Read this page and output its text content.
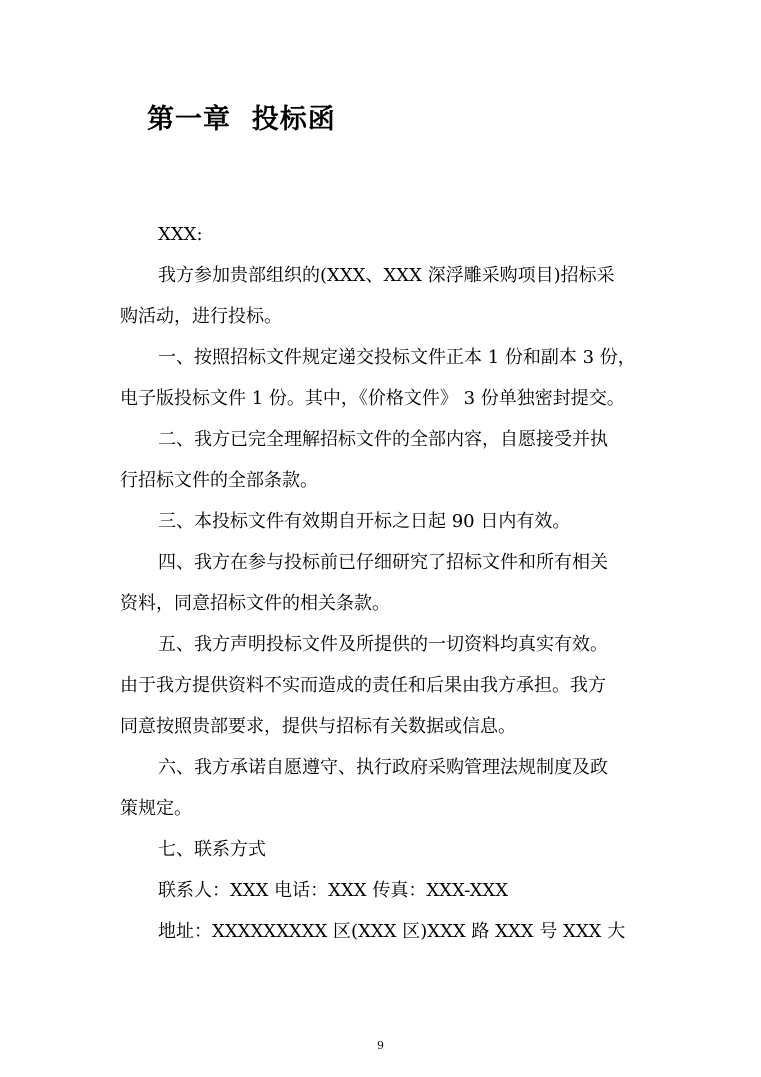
第一章  投标函
XXX:
我方参加贵部组织的(XXX、XXX 深浮雕采购项目)招标采
购活动，进行投标。
一、按照招标文件规定递交投标文件正本 1 份和副本 3 份，
电子版投标文件 1 份。其中，《价格文件》 3 份单独密封提交。
二、我方已完全理解招标文件的全部内容，自愿接受并执
行招标文件的全部条款。
三、本投标文件有效期自开标之日起 90 日内有效。
四、我方在参与投标前已仔细研究了招标文件和所有相关
资料，同意招标文件的相关条款。
五、我方声明投标文件及所提供的一切资料均真实有效。
由于我方提供资料不实而造成的责任和后果由我方承担。我方
同意按照贵部要求，提供与招标有关数据或信息。
六、我方承诺自愿遵守、执行政府采购管理法规制度及政
策规定。
七、联系方式
联系人：XXX 电话：XXX 传真：XXX-XXX
地址：XXXXXXXXX 区(XXX 区)XXX 路 XXX 号 XXX 大
9
